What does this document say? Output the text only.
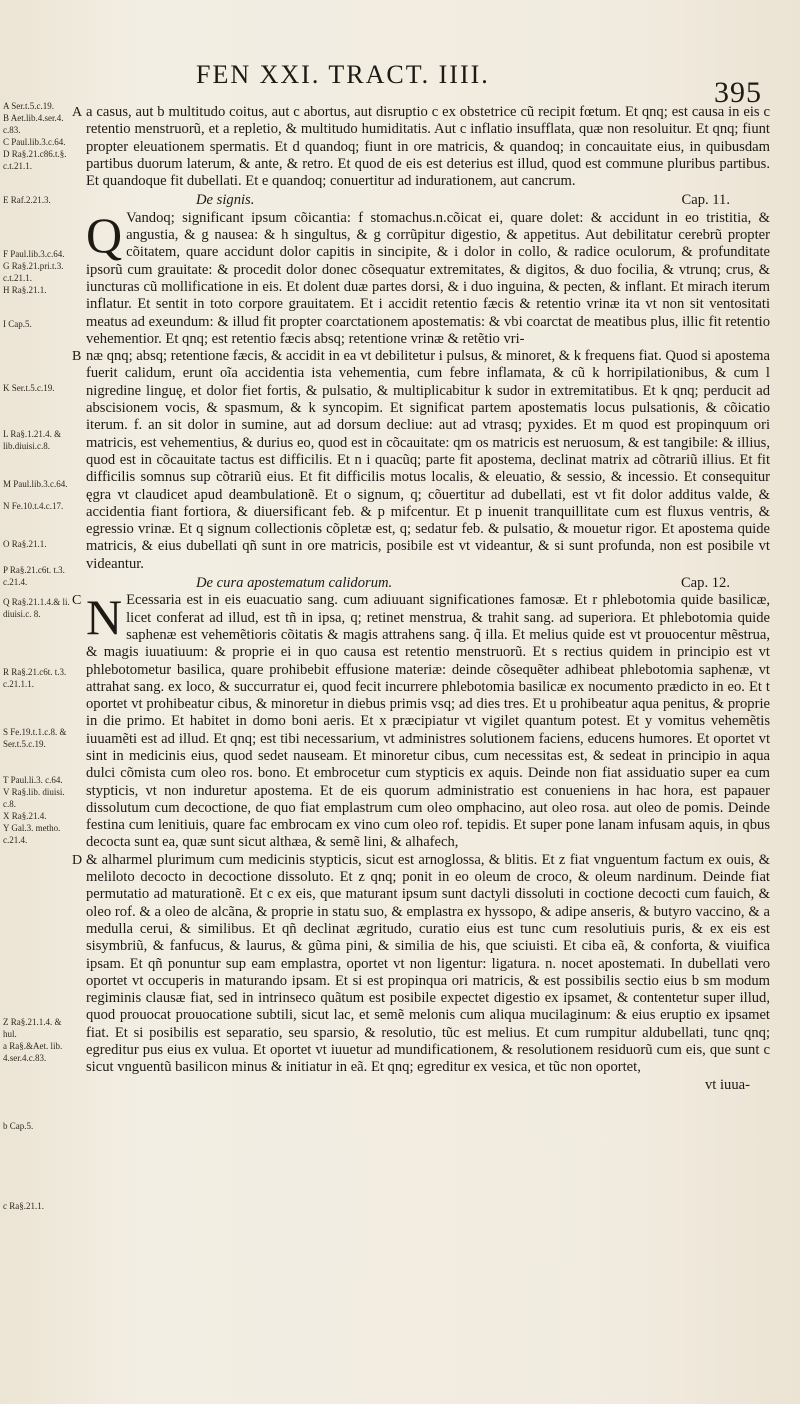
FEN XXI. TRACT. IIII.
395
A Ser.t.5.c.19.
B Aet.lib.4.ser.4.
c.83.
C Paul.lib.3.c.64.
D Ra§.21.c86.t.§.
c.t.21.1.
E Raf.2.21.3.
F Paul.lib.3.c.64.
G Ra§.21.pri.t.3.
c.t.21.1.
H Ra§.21.1.
I Cap.5.
K Ser.t.5.c.19.
L Ra§.1.21.4. &
lib.diuisi.c.8.
M Paul.lib.3.c.64.
N Fe.10.t.4.c.17.
O Ra§.21.1.
P Ra§.21.c6t. t.3.
c.21.4.
Q Ra§.21.1.4.& li.
diuisi.c. 8.
R Ra§.21.c6t. t.3.
c.21.1.1.
S Fe.19.t.1.c.8. &
Ser.t.5.c.19.
T Paul.li.3. c.64.
V Ra§.lib. diuisi.
c.8.
X Ra§.21.4.
Y Gal.3. metho.
c.21.4.
Z Ra§.21.1.4. &
hul.
a Ra§.&Aet. lib.
4.ser.4.c.83.
b Cap.5.
c Ra§.21.1.

A a casus, aut b multitudo coitus, aut c abortus, aut disruptio c ex obstetrice cũ recipit fœtum. Et qnq; est causa in eis c retentio menstruorũ, et a repletio, & multitudo humiditatis. Aut c inflatio insufflata, quæ non resoluitur. Et qnq; fiunt propter eleuationem spermatis. Et d quandoq; fiunt in ore matricis, & quandoq; in concauitate eius, in quibusdam partibus duorum laterum, & ante, & retro. Et quod de eis est deterius est illud, quod est commune pluribus partibus. Et quandoque fit dubellati. Et e quandoq; conuertitur ad indurationem, aut cancrum.

De signis.	Cap. 11.

Q Vandoq; significant ipsum cõicantia: f stomachus.n.cõicat ei, quare dolet: & accidunt in eo tristitia, & angustia, & g nausea: & h singultus, & g corrũpitur digestio, & appetitus. Aut debilitatur cerebrũ propter cõitatem, quare accidunt dolor capitis in sincipite, & i dolor in collo, & radice oculorum, & profunditate ipsorũ cum grauitate: & procedit dolor donec cõsequatur extremitates, & digitos, & duo focilia, & vtrunq; crus, & iuncturas cũ mollificatione in eis. Et dolent duæ partes dorsi, & i duo inguina, & pecten, & inflant. Et mirach iterum inflatur. Et sentit in toto corpore grauitatem. Et i accidit retentio fæcis & retentio vrinæ ita vt non sit ventositati meatus ad exeundum: & illud fit propter coarctationem apostematis: & vbi coarctat de meatibus plus, illic fit retentio vehementior. Et qnq; est retentio fæcis absq; retentione vrinæ & retẽtio vri-

B næ qnq; absq; retentione fæcis, & accidit in ea vt debilitetur i pulsus, & minoret, & k frequens fiat. Quod si apostema fuerit calidum, erunt oĩa accidentia ista vehementia, cum febre inflamata, & cũ k horripilationibus, & cum l nigredine linguę, et dolor fiet fortis, & pulsatio, & multiplicabitur k sudor in extremitatibus. Et k qnq; perducit ad abscisionem vocis, & spasmum, & k syncopim. Et significat partem apostematis locus pulsationis, & cõicatio iterum. f. an sit dolor in sumine, aut ad dorsum decliue: aut ad vtrasq; pyxides. Et m quod est propinquum ori matricis, est vehementius, & durius eo, quod est in cõcauitate: qm os matricis est neruosum, & est tangibile: & illius, quod est in cõcauitate tactus est difficilis. Et n i quacũq; parte fit apostema, declinat matrix ad cõtrariũ illius. Et fit difficilis somnus sup cõtrariũ eius. Et fit difficilis motus localis, & eleuatio, & sessio, & incessio. Et consequitur ęgra vt claudicet apud deambulationẽ. Et o signum, q; cõuertitur ad dubellati, est vt fit dolor additus valde, & accidentia fiant fortiora, & diuersificant feb. & p mifcentur. Et p inuenit tranquillitate cum est fluxus ventris, & egressio vrinæ. Et q signum collectionis cõpletæ est, q; sedatur feb. & pulsatio, & mouetur rigor. Et apostema quide matricis, & eius dubellati qñ sunt in ore matricis, posibile est vt videantur, & si sunt profunda, non est posibile vt videantur.

De cura apostematum calidorum.	Cap. 12.

C N Ecessaria est in eis euacuatio sang. cum adiuuant significationes famosæ. Et r phlebotomia quide basilicæ, licet conferat ad illud, est tñ in ipsa, q; retinet menstrua, & trahit sang. ad superiora. Et phlebotomia quide saphenæ est vehemẽtioris cõitatis & magis attrahens sang. q̃ illa. Et melius quide est vt prouocentur mẽstrua, & magis iuuatiuum: & proprie ei in quo causa est retentio menstruorũ. Et s rectius quidem in principio est vt phlebotometur basilica, quare prohibebit effusione materiæ: deinde cõsequẽter adhibeat phlebotomia saphenæ, vt attrahat sang. ex loco, & succurratur ei, quod fecit incurrere phlebotomia basilicæ ex nocumento prædicto in eo. Et t oportet vt prohibeatur cibus, & minoretur in diebus primis vsq; ad dies tres. Et u prohibeatur aqua penitus, & proprie in die primo. Et habitet in domo boni aeris. Et x præcipiatur vt vigilet quantum potest. Et y vomitus vehemẽtis iuuamẽti est ad illud. Et qnq; est tibi necessarium, vt administres solutionem faciens, educens humores. Et oportet vt sint in medicinis eius, quod sedet nauseam. Et minoretur cibus, cum necessitas est, & sedeat in principio in aqua dulci cõmista cum oleo ros. bono. Et embrocetur cum stypticis ex aquis. Deinde non fiat assiduatio super ea cum stypticis, vt non induretur apostema. Et de eis quorum administratio est conueniens in hac hora, est papauer dissolutum cum decoctione, de quo fiat emplastrum cum oleo omphacino, aut oleo rosa. aut oleo de pomis. Deinde festina cum lenitiuis, quare fac embrocam ex vino cum oleo rof. tepidis. Et super pone lanam infusam aquis, in qbus decocta sunt ea, quæ sunt sicut althæa, & semẽ lini, & alhafech,

D & alharmel plurimum cum medicinis stypticis, sicut est arnoglossa, & blitis. Et z fiat vnguentum factum ex ouis, & meliloto decocto in decoctione dissoluto. Et z qnq; ponit in eo oleum de croco, & oleum nardinum. Deinde fiat permutatio ad maturationẽ. Et c ex eis, que maturant ipsum sunt dactyli dissoluti in coctione decocti cum fauich, & oleo rof. & a oleo de alcãna, & proprie in statu suo, & emplastra ex hyssopo, & adipe anseris, & butyro vaccino, & a medulla cerui, & similibus. Et qñ declinat ægritudo, curatio eius est tunc cum resolutiuis puris, & ex eis est sisymbriũ, & fanfucus, & laurus, & gũma pini, & similia de his, que sciuisti. Et ciba eã, & conforta, & viuifica ipsam. Et qñ ponuntur sup eam emplastra, oportet vt non ligentur: ligatura. n. nocet apostemati. In dubellati vero oportet vt occuperis in maturando ipsam. Et si est propinqua ori matricis, & est possibilis sectio eius b sm modum regiminis clausæ fiat, sed in intrinseco quãtum est posibile expectet digestio ex ipsamet, & contentetur super illud, quod prouocat prouocatione subtili, sicut lac, et semẽ melonis cum aliqua mucilaginum: & eius eruptio ex ipsamet fiat. Et si posibilis est separatio, seu sparsio, & resolutio, tũc est melius. Et cum rumpitur aldubellati, tunc qnq; egreditur pus eius ex vulua. Et oportet vt iuuetur ad mundificationem, & resolutionem residuorũ cum eis, que sunt c sicut vnguentũ basilicon minus & initiatur in eã. Et qnq; egreditur ex vesica, et tũc non oportet,

vt iuua-
